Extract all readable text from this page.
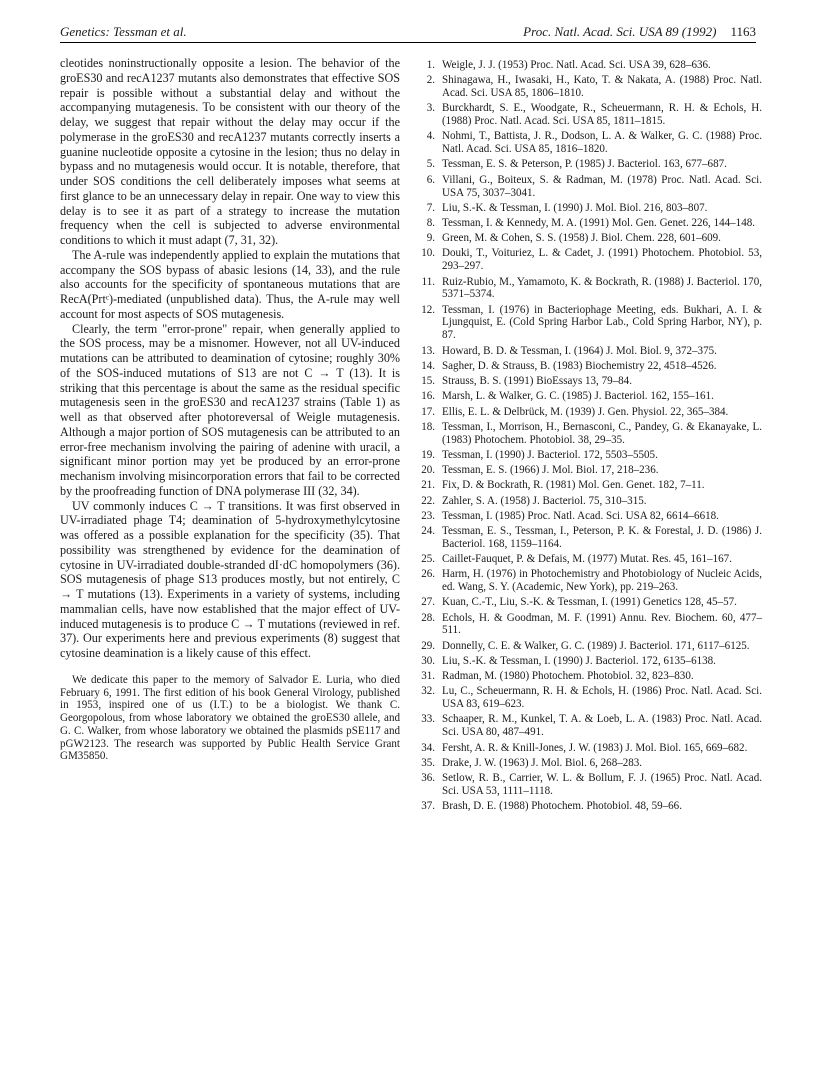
Genetics: Tessman et al.	Proc. Natl. Acad. Sci. USA 89 (1992) 1163

cleotides noninstructionally opposite a lesion. The behavior of the groES30 and recA1237 mutants also demonstrates that effective SOS repair is possible without a substantial delay and without the accompanying mutagenesis. To be consistent with our theory of the delay, we suggest that repair without the delay may occur if the polymerase in the groES30 and recA1237 mutants correctly inserts a guanine nucleotide opposite a cytosine in the lesion; thus no delay in bypass and no mutagenesis would occur. It is notable, therefore, that under SOS conditions the cell deliberately imposes what seems at first glance to be an unnecessary delay in repair. One way to view this delay is to see it as part of a strategy to increase the mutation frequency when the cell is subjected to adverse environmental conditions to which it must adapt (7, 31, 32).

The A-rule was independently applied to explain the mutations that accompany the SOS bypass of abasic lesions (14, 33), and the rule also accounts for the specificity of spontaneous mutations that are RecA(Prtᶜ)-mediated (unpublished data). Thus, the A-rule may well account for most aspects of SOS mutagenesis.

Clearly, the term "error-prone" repair, when generally applied to the SOS process, may be a misnomer. However, not all UV-induced mutations can be attributed to deamination of cytosine; roughly 30% of the SOS-induced mutations of S13 are not C → T (13). It is striking that this percentage is about the same as the residual specific mutagenesis seen in the groES30 and recA1237 strains (Table 1) as well as that observed after photoreversal of Weigle mutagenesis. Although a major portion of SOS mutagenesis can be attributed to an error-free mechanism involving the pairing of adenine with uracil, a significant minor portion may yet be produced by an error-prone mechanism involving misincorporation errors that fail to be corrected by the proofreading function of DNA polymerase III (32, 34).

UV commonly induces C → T transitions. It was first observed in UV-irradiated phage T4; deamination of 5-hydroxymethylcytosine was offered as a possible explanation for the specificity (35). That possibility was strengthened by evidence for the deamination of cytosine in UV-irradiated double-stranded dI·dC homopolymers (36). SOS mutagenesis of phage S13 produces mostly, but not entirely, C → T mutations (13). Experiments in a variety of systems, including mammalian cells, have now established that the major effect of UV-induced mutagenesis is to produce C → T mutations (reviewed in ref. 37). Our experiments here and previous experiments (8) suggest that cytosine deamination is a likely cause of this effect.

We dedicate this paper to the memory of Salvador E. Luria, who died February 6, 1991. The first edition of his book General Virology, published in 1953, inspired one of us (I.T.) to be a biologist. We thank C. Georgopolous, from whose laboratory we obtained the groES30 allele, and G. C. Walker, from whose laboratory we obtained the plasmids pSE117 and pGW2123. The research was supported by Public Health Service Grant GM35850.

1. Weigle, J. J. (1953) Proc. Natl. Acad. Sci. USA 39, 628–636.
2. Shinagawa, H., Iwasaki, H., Kato, T. & Nakata, A. (1988) Proc. Natl. Acad. Sci. USA 85, 1806–1810.
3. Burckhardt, S. E., Woodgate, R., Scheuermann, R. H. & Echols, H. (1988) Proc. Natl. Acad. Sci. USA 85, 1811–1815.
4. Nohmi, T., Battista, J. R., Dodson, L. A. & Walker, G. C. (1988) Proc. Natl. Acad. Sci. USA 85, 1816–1820.
5. Tessman, E. S. & Peterson, P. (1985) J. Bacteriol. 163, 677–687.
6. Villani, G., Boiteux, S. & Radman, M. (1978) Proc. Natl. Acad. Sci. USA 75, 3037–3041.
7. Liu, S.-K. & Tessman, I. (1990) J. Mol. Biol. 216, 803–807.
8. Tessman, I. & Kennedy, M. A. (1991) Mol. Gen. Genet. 226, 144–148.
9. Green, M. & Cohen, S. S. (1958) J. Biol. Chem. 228, 601–609.
10. Douki, T., Voituriez, L. & Cadet, J. (1991) Photochem. Photobiol. 53, 293–297.
11. Ruiz-Rubio, M., Yamamoto, K. & Bockrath, R. (1988) J. Bacteriol. 170, 5371–5374.
12. Tessman, I. (1976) in Bacteriophage Meeting, eds. Bukhari, A. I. & Ljungquist, E. (Cold Spring Harbor Lab., Cold Spring Harbor, NY), p. 87.
13. Howard, B. D. & Tessman, I. (1964) J. Mol. Biol. 9, 372–375.
14. Sagher, D. & Strauss, B. (1983) Biochemistry 22, 4518–4526.
15. Strauss, B. S. (1991) BioEssays 13, 79–84.
16. Marsh, L. & Walker, G. C. (1985) J. Bacteriol. 162, 155–161.
17. Ellis, E. L. & Delbrück, M. (1939) J. Gen. Physiol. 22, 365–384.
18. Tessman, I., Morrison, H., Bernasconi, C., Pandey, G. & Ekanayake, L. (1983) Photochem. Photobiol. 38, 29–35.
19. Tessman, I. (1990) J. Bacteriol. 172, 5503–5505.
20. Tessman, E. S. (1966) J. Mol. Biol. 17, 218–236.
21. Fix, D. & Bockrath, R. (1981) Mol. Gen. Genet. 182, 7–11.
22. Zahler, S. A. (1958) J. Bacteriol. 75, 310–315.
23. Tessman, I. (1985) Proc. Natl. Acad. Sci. USA 82, 6614–6618.
24. Tessman, E. S., Tessman, I., Peterson, P. K. & Forestal, J. D. (1986) J. Bacteriol. 168, 1159–1164.
25. Caillet-Fauquet, P. & Defais, M. (1977) Mutat. Res. 45, 161–167.
26. Harm, H. (1976) in Photochemistry and Photobiology of Nucleic Acids, ed. Wang, S. Y. (Academic, New York), pp. 219–263.
27. Kuan, C.-T., Liu, S.-K. & Tessman, I. (1991) Genetics 128, 45–57.
28. Echols, H. & Goodman, M. F. (1991) Annu. Rev. Biochem. 60, 477–511.
29. Donnelly, C. E. & Walker, G. C. (1989) J. Bacteriol. 171, 6117–6125.
30. Liu, S.-K. & Tessman, I. (1990) J. Bacteriol. 172, 6135–6138.
31. Radman, M. (1980) Photochem. Photobiol. 32, 823–830.
32. Lu, C., Scheuermann, R. H. & Echols, H. (1986) Proc. Natl. Acad. Sci. USA 83, 619–623.
33. Schaaper, R. M., Kunkel, T. A. & Loeb, L. A. (1983) Proc. Natl. Acad. Sci. USA 80, 487–491.
34. Fersht, A. R. & Knill-Jones, J. W. (1983) J. Mol. Biol. 165, 669–682.
35. Drake, J. W. (1963) J. Mol. Biol. 6, 268–283.
36. Setlow, R. B., Carrier, W. L. & Bollum, F. J. (1965) Proc. Natl. Acad. Sci. USA 53, 1111–1118.
37. Brash, D. E. (1988) Photochem. Photobiol. 48, 59–66.
